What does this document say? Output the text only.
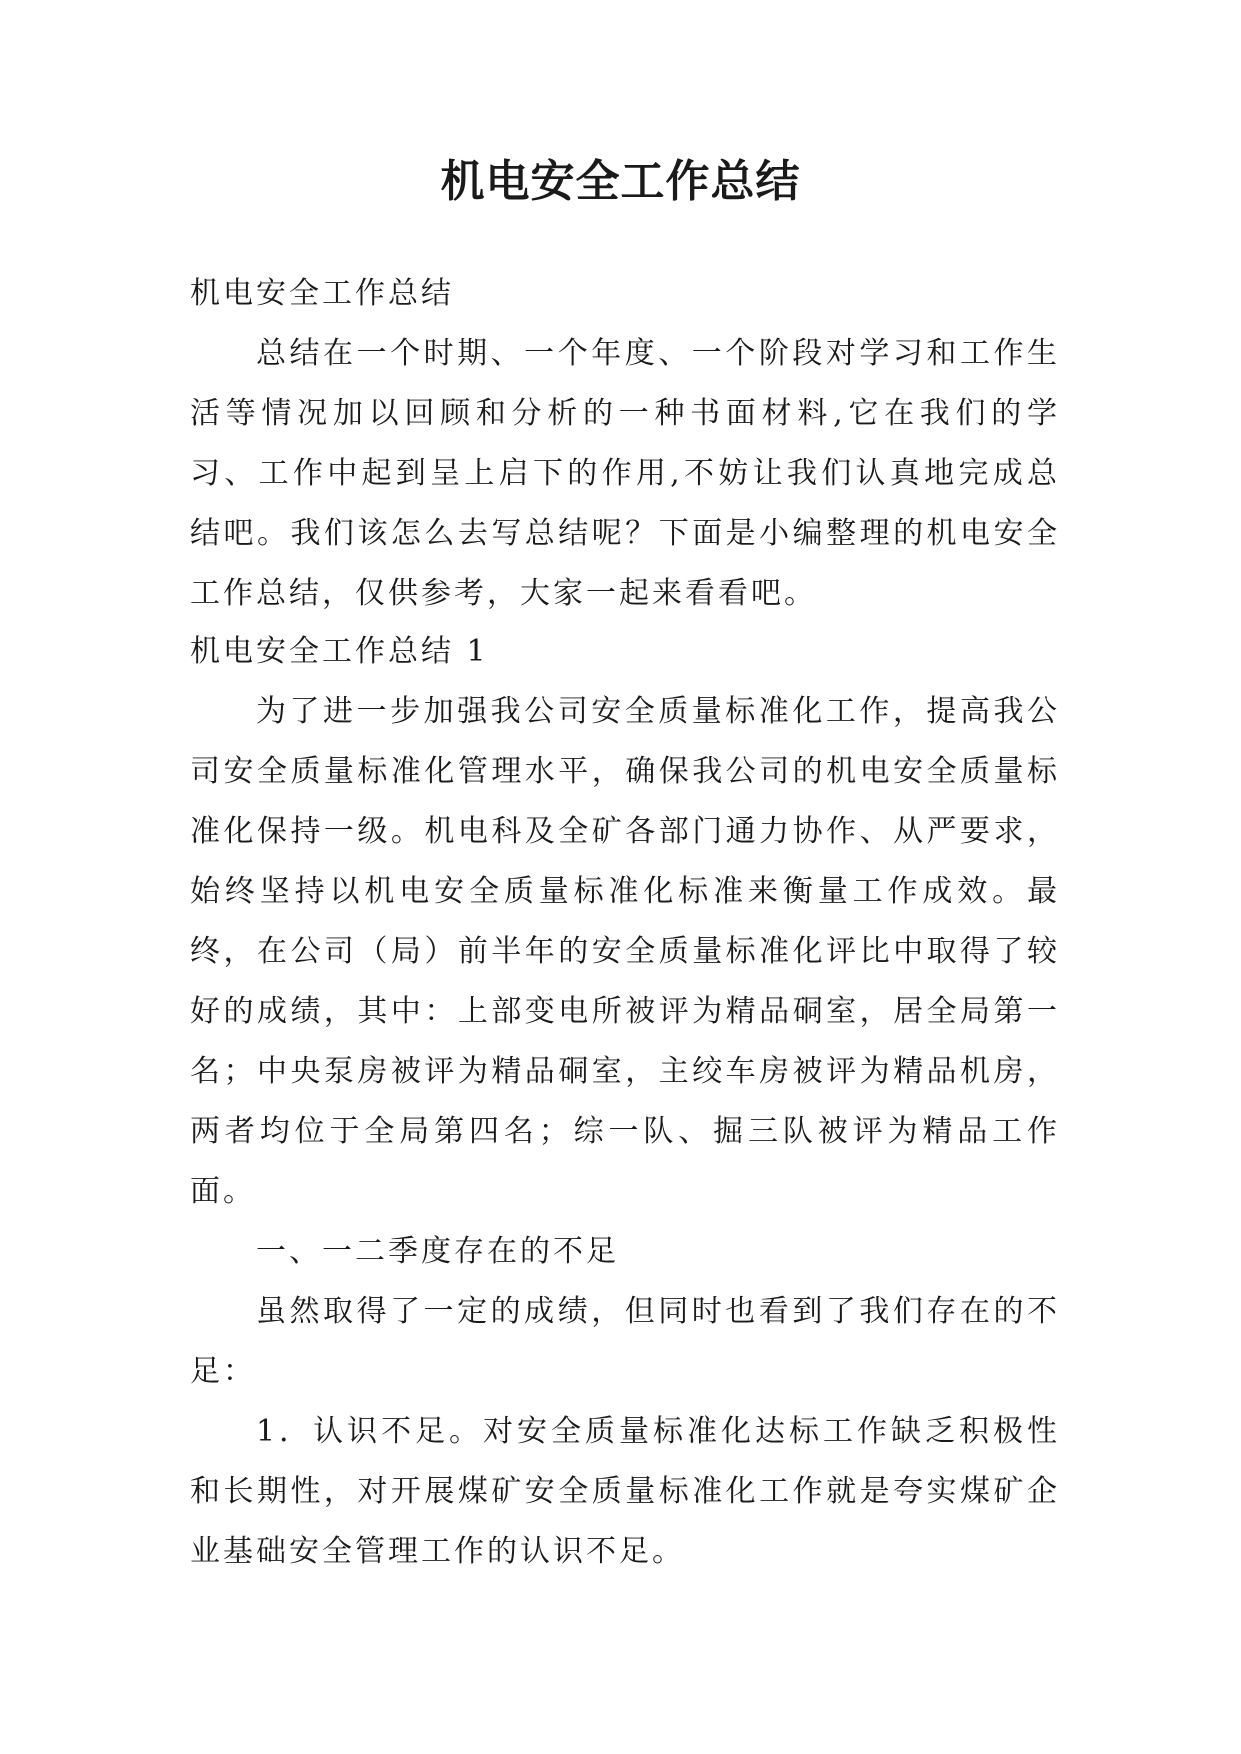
机电安全工作总结

机电安全工作总结

总结在一个时期、一个年度、一个阶段对学习和工作生活等情况加以回顾和分析的一种书面材料,它在我们的学习、工作中起到呈上启下的作用,不妨让我们认真地完成总结吧。我们该怎么去写总结呢？下面是小编整理的机电安全工作总结，仅供参考，大家一起来看看吧。

机电安全工作总结 1

为了进一步加强我公司安全质量标准化工作，提高我公司安全质量标准化管理水平，确保我公司的机电安全质量标准化保持一级。机电科及全矿各部门通力协作、从严要求，始终坚持以机电安全质量标准化标准来衡量工作成效。最终，在公司（局）前半年的安全质量标准化评比中取得了较好的成绩，其中：上部变电所被评为精品硐室，居全局第一名；中央泵房被评为精品硐室，主绞车房被评为精品机房，两者均位于全局第四名；综一队、掘三队被评为精品工作面。

一、一二季度存在的不足

虽然取得了一定的成绩，但同时也看到了我们存在的不足：

1．认识不足。对安全质量标准化达标工作缺乏积极性和长期性，对开展煤矿安全质量标准化工作就是夸实煤矿企业基础安全管理工作的认识不足。
